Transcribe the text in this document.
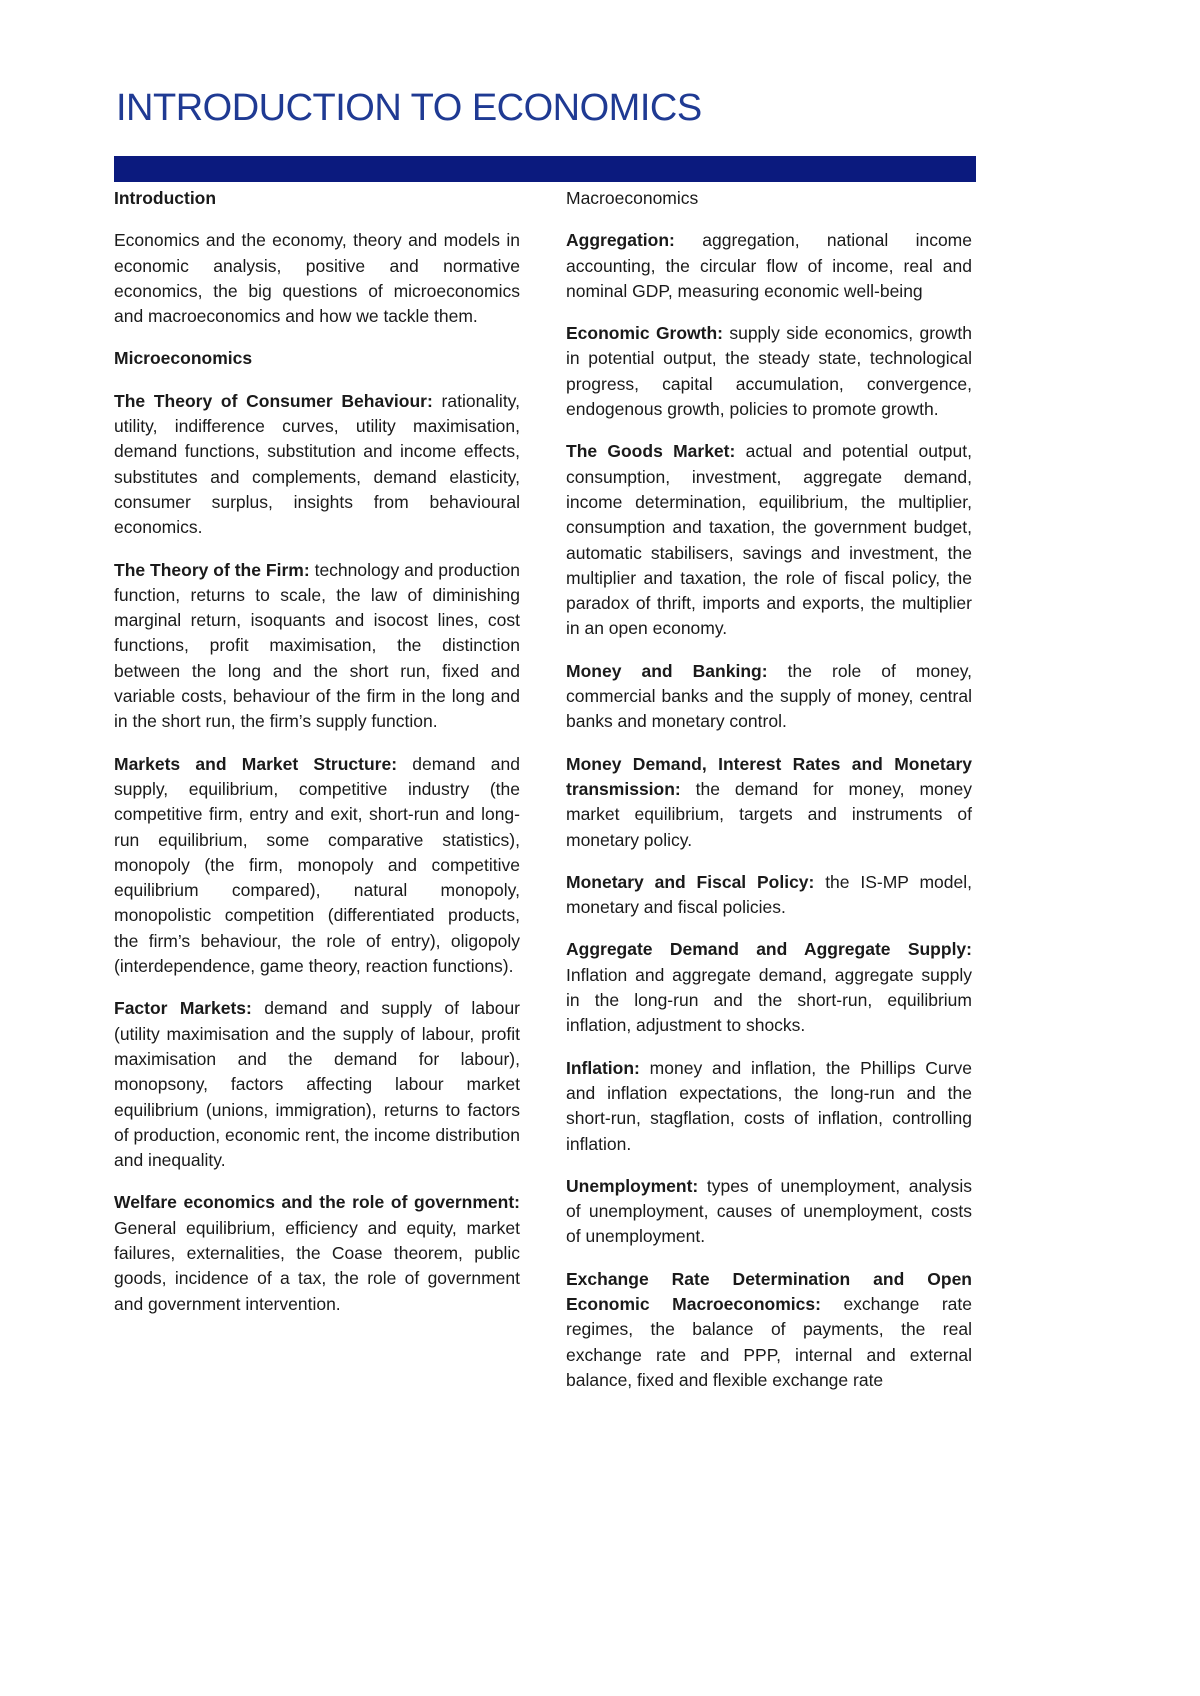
INTRODUCTION TO ECONOMICS
Introduction
Economics and the economy, theory and models in economic analysis, positive and normative economics, the big questions of microeconomics and macroeconomics and how we tackle them.
Microeconomics
The Theory of Consumer Behaviour: rationality, utility, indifference curves, utility maximisation, demand functions, substitution and income effects, substitutes and complements, demand elasticity, consumer surplus, insights from behavioural economics.
The Theory of the Firm: technology and production function, returns to scale, the law of diminishing marginal return, isoquants and isocost lines, cost functions, profit maximisation, the distinction between the long and the short run, fixed and variable costs, behaviour of the firm in the long and in the short run, the firm’s supply function.
Markets and Market Structure: demand and supply, equilibrium, competitive industry (the competitive firm, entry and exit, short-run and long-run equilibrium, some comparative statistics), monopoly (the firm, monopoly and competitive equilibrium compared), natural monopoly, monopolistic competition (differentiated products, the firm’s behaviour, the role of entry), oligopoly (interdependence, game theory, reaction functions).
Factor Markets: demand and supply of labour (utility maximisation and the supply of labour, profit maximisation and the demand for labour), monopsony, factors affecting labour market equilibrium (unions, immigration), returns to factors of production, economic rent, the income distribution and inequality.
Welfare economics and the role of government: General equilibrium, efficiency and equity, market failures, externalities, the Coase theorem, public goods, incidence of a tax, the role of government and government intervention.
Macroeconomics
Aggregation: aggregation, national income accounting, the circular flow of income, real and nominal GDP, measuring economic well-being
Economic Growth: supply side economics, growth in potential output, the steady state, technological progress, capital accumulation, convergence, endogenous growth, policies to promote growth.
The Goods Market: actual and potential output, consumption, investment, aggregate demand, income determination, equilibrium, the multiplier, consumption and taxation, the government budget, automatic stabilisers, savings and investment, the multiplier and taxation, the role of fiscal policy, the paradox of thrift, imports and exports, the multiplier in an open economy.
Money and Banking: the role of money, commercial banks and the supply of money, central banks and monetary control.
Money Demand, Interest Rates and Monetary transmission: the demand for money, money market equilibrium, targets and instruments of monetary policy.
Monetary and Fiscal Policy: the IS-MP model, monetary and fiscal policies.
Aggregate Demand and Aggregate Supply: Inflation and aggregate demand, aggregate supply in the long-run and the short-run, equilibrium inflation, adjustment to shocks.
Inflation: money and inflation, the Phillips Curve and inflation expectations, the long-run and the short-run, stagflation, costs of inflation, controlling inflation.
Unemployment: types of unemployment, analysis of unemployment, causes of unemployment, costs of unemployment.
Exchange Rate Determination and Open Economic Macroeconomics: exchange rate regimes, the balance of payments, the real exchange rate and PPP, internal and external balance, fixed and flexible exchange rate
